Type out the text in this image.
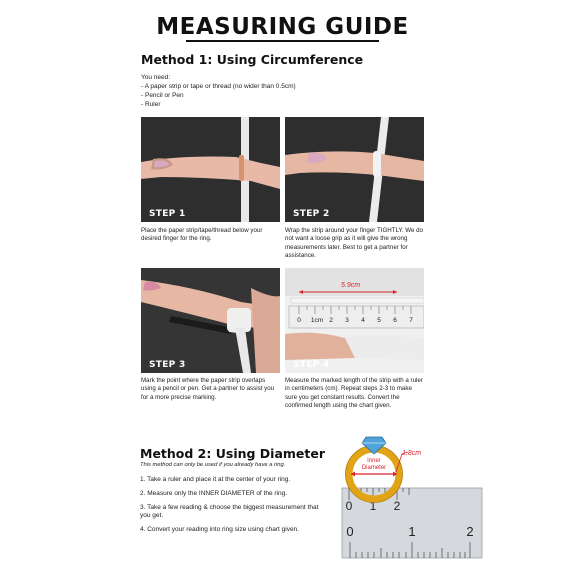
MEASURING GUIDE
Method 1: Using Circumference
You need:
- A paper strip or tape or thread (no wider than 0.5cm)
- Pencil or Pen
- Ruler
STEP 1
Place the paper strip/tape/thread below your desired finger for the ring.
STEP 2
Wrap the strip around your finger TIGHTLY. We do not want a loose grip as it will give the wrong measurements later. Best to get a partner for assistance.
STEP 3
Mark the point where the paper strip overlaps using a pencil or pen. Get a partner to assist you for a more precise marking.
5.9cm
0 1cm 2 3 4 5 6 7
STEP 4
Measure the marked length of the strip with a ruler in centimeters (cm). Repeat steps 2-3 to make sure you get constant results. Convert the confirmed length using the chart given.
Method 2: Using Diameter
This method can only be used if you already have a ring.

1. Take a ruler and place it at the center of your ring.

2. Measure only the INNER DIAMETER of the ring.

3. Take a few reading & choose the biggest measurement that you get.

4. Convert your reading into ring size using chart given.

0 1 2
0	1	2
Inner
Diameter
1.8cm
